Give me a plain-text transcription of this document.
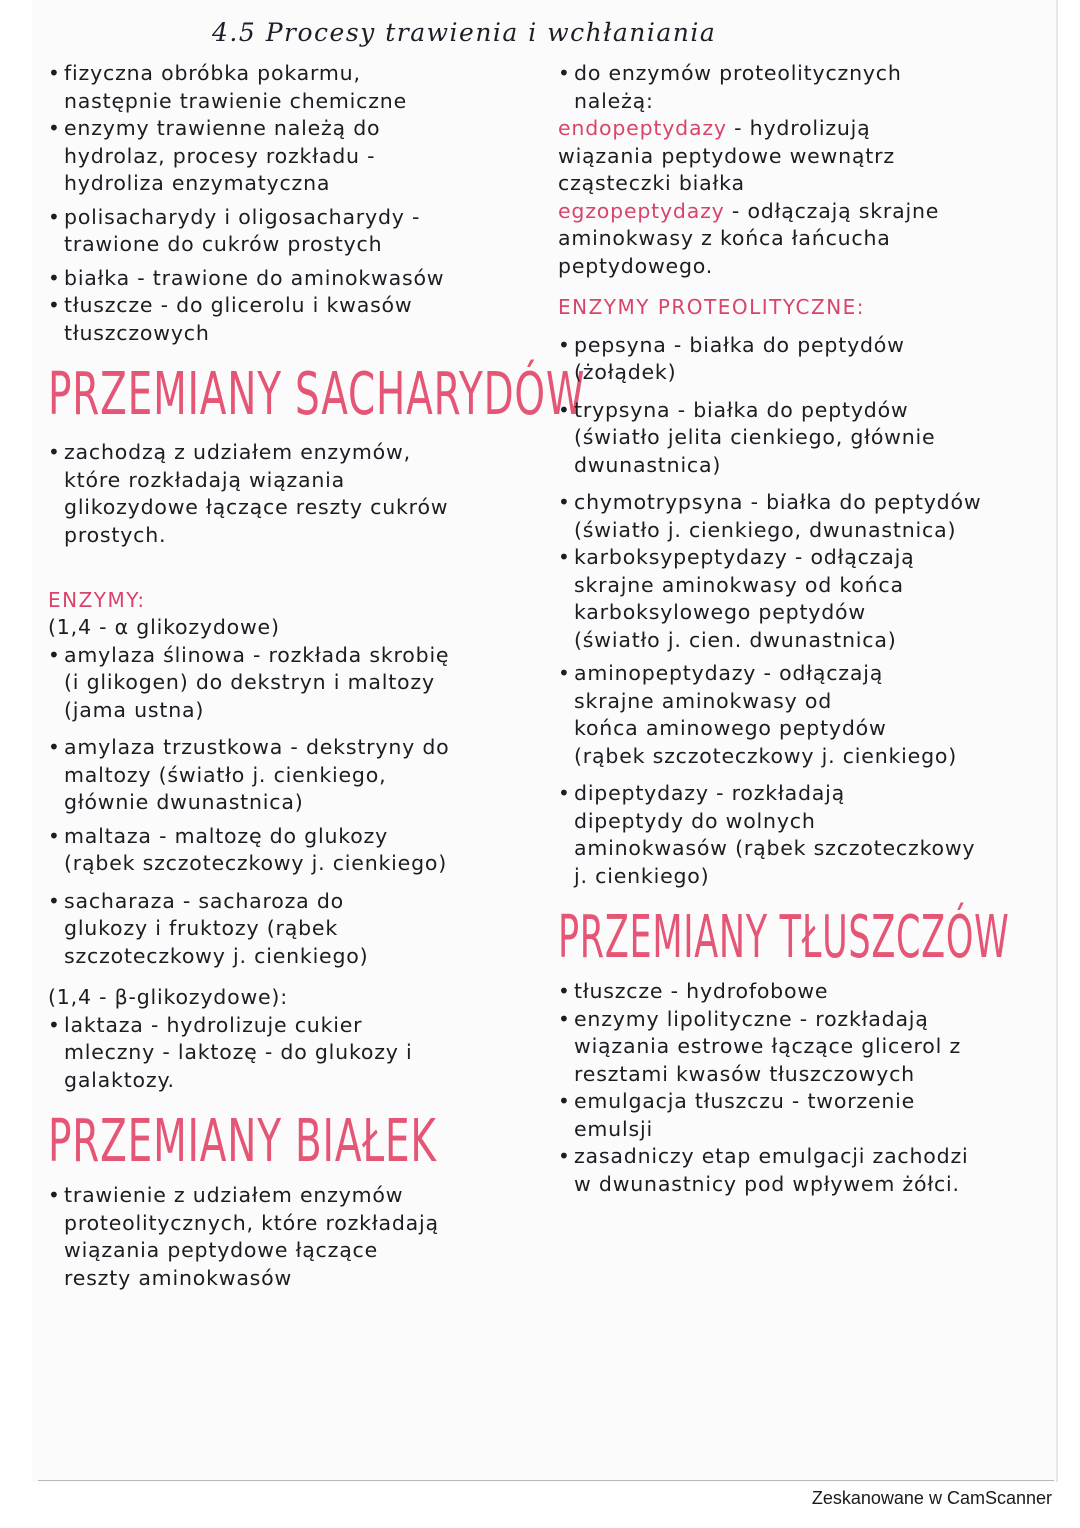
4.5 Procesy trawienia i wchłaniania

• fizyczna obróbka pokarmu,
następnie trawienie chemiczne

• enzymy trawienne należą do
hydrolaz, procesy rozkładu -
hydroliza enzymatyczna

• polisacharydy i oligosacharydy -
trawione do cukrów prostych

• białka - trawione do aminokwasów

• tłuszcze - do glicerolu i kwasów
tłuszczowych

PRZEMIANY SACHARYDÓW

• zachodzą z udziałem enzymów,
które rozkładają wiązania
glikozydowe łączące reszty cukrów
prostych.

ENZYMY:
(1,4 - α glikozydowe)

• amylaza ślinowa - rozkłada skrobię
(i glikogen) do dekstryn i maltozy
(jama ustna)

• amylaza trzustkowa - dekstryny do
maltozy (światło j. cienkiego,
głównie dwunastnica)

• maltaza - maltozę do glukozy
(rąbek szczoteczkowy j. cienkiego)

• sacharaza - sacharoza do
glukozy i fruktozy (rąbek
szczoteczkowy j. cienkiego)

(1,4 - β-glikozydowe):

• laktaza - hydrolizuje cukier
mleczny - laktozę - do glukozy i
galaktozy.

PRZEMIANY BIAŁEK

• trawienie z udziałem enzymów
proteolitycznych, które rozkładają
wiązania peptydowe łączące
reszty aminokwasów

• do enzymów proteolitycznych
należą:

endopeptydazy - hydrolizują
wiązania peptydowe wewnątrz
cząsteczki białka

egzopeptydazy - odłączają skrajne
aminokwasy z końca łańcucha
peptydowego.

ENZYMY PROTEOLITYCZNE:

• pepsyna - białka do peptydów
(żołądek)

• trypsyna - białka do peptydów
(światło jelita cienkiego, głównie
dwunastnica)

• chymotrypsyna - białka do peptydów
(światło j. cienkiego, dwunastnica)

• karboksypeptydazy - odłączają
skrajne aminokwasy od końca
karboksylowego peptydów
(światło j. cien. dwunastnica)

• aminopeptydazy - odłączają
skrajne aminokwasy od
końca aminowego peptydów
(rąbek szczoteczkowy j. cienkiego)

• dipeptydazy - rozkładają
dipeptydy do wolnych
aminokwasów (rąbek szczoteczkowy
j. cienkiego)

PRZEMIANY TŁUSZCZÓW

• tłuszcze - hydrofobowe

• enzymy lipolityczne - rozkładają
wiązania estrowe łączące glicerol z
resztami kwasów tłuszczowych

• emulgacja tłuszczu - tworzenie
emulsji

• zasadniczy etap emulgacji zachodzi
w dwunastnicy pod wpływem żółci.

Zeskanowane w CamScanner
